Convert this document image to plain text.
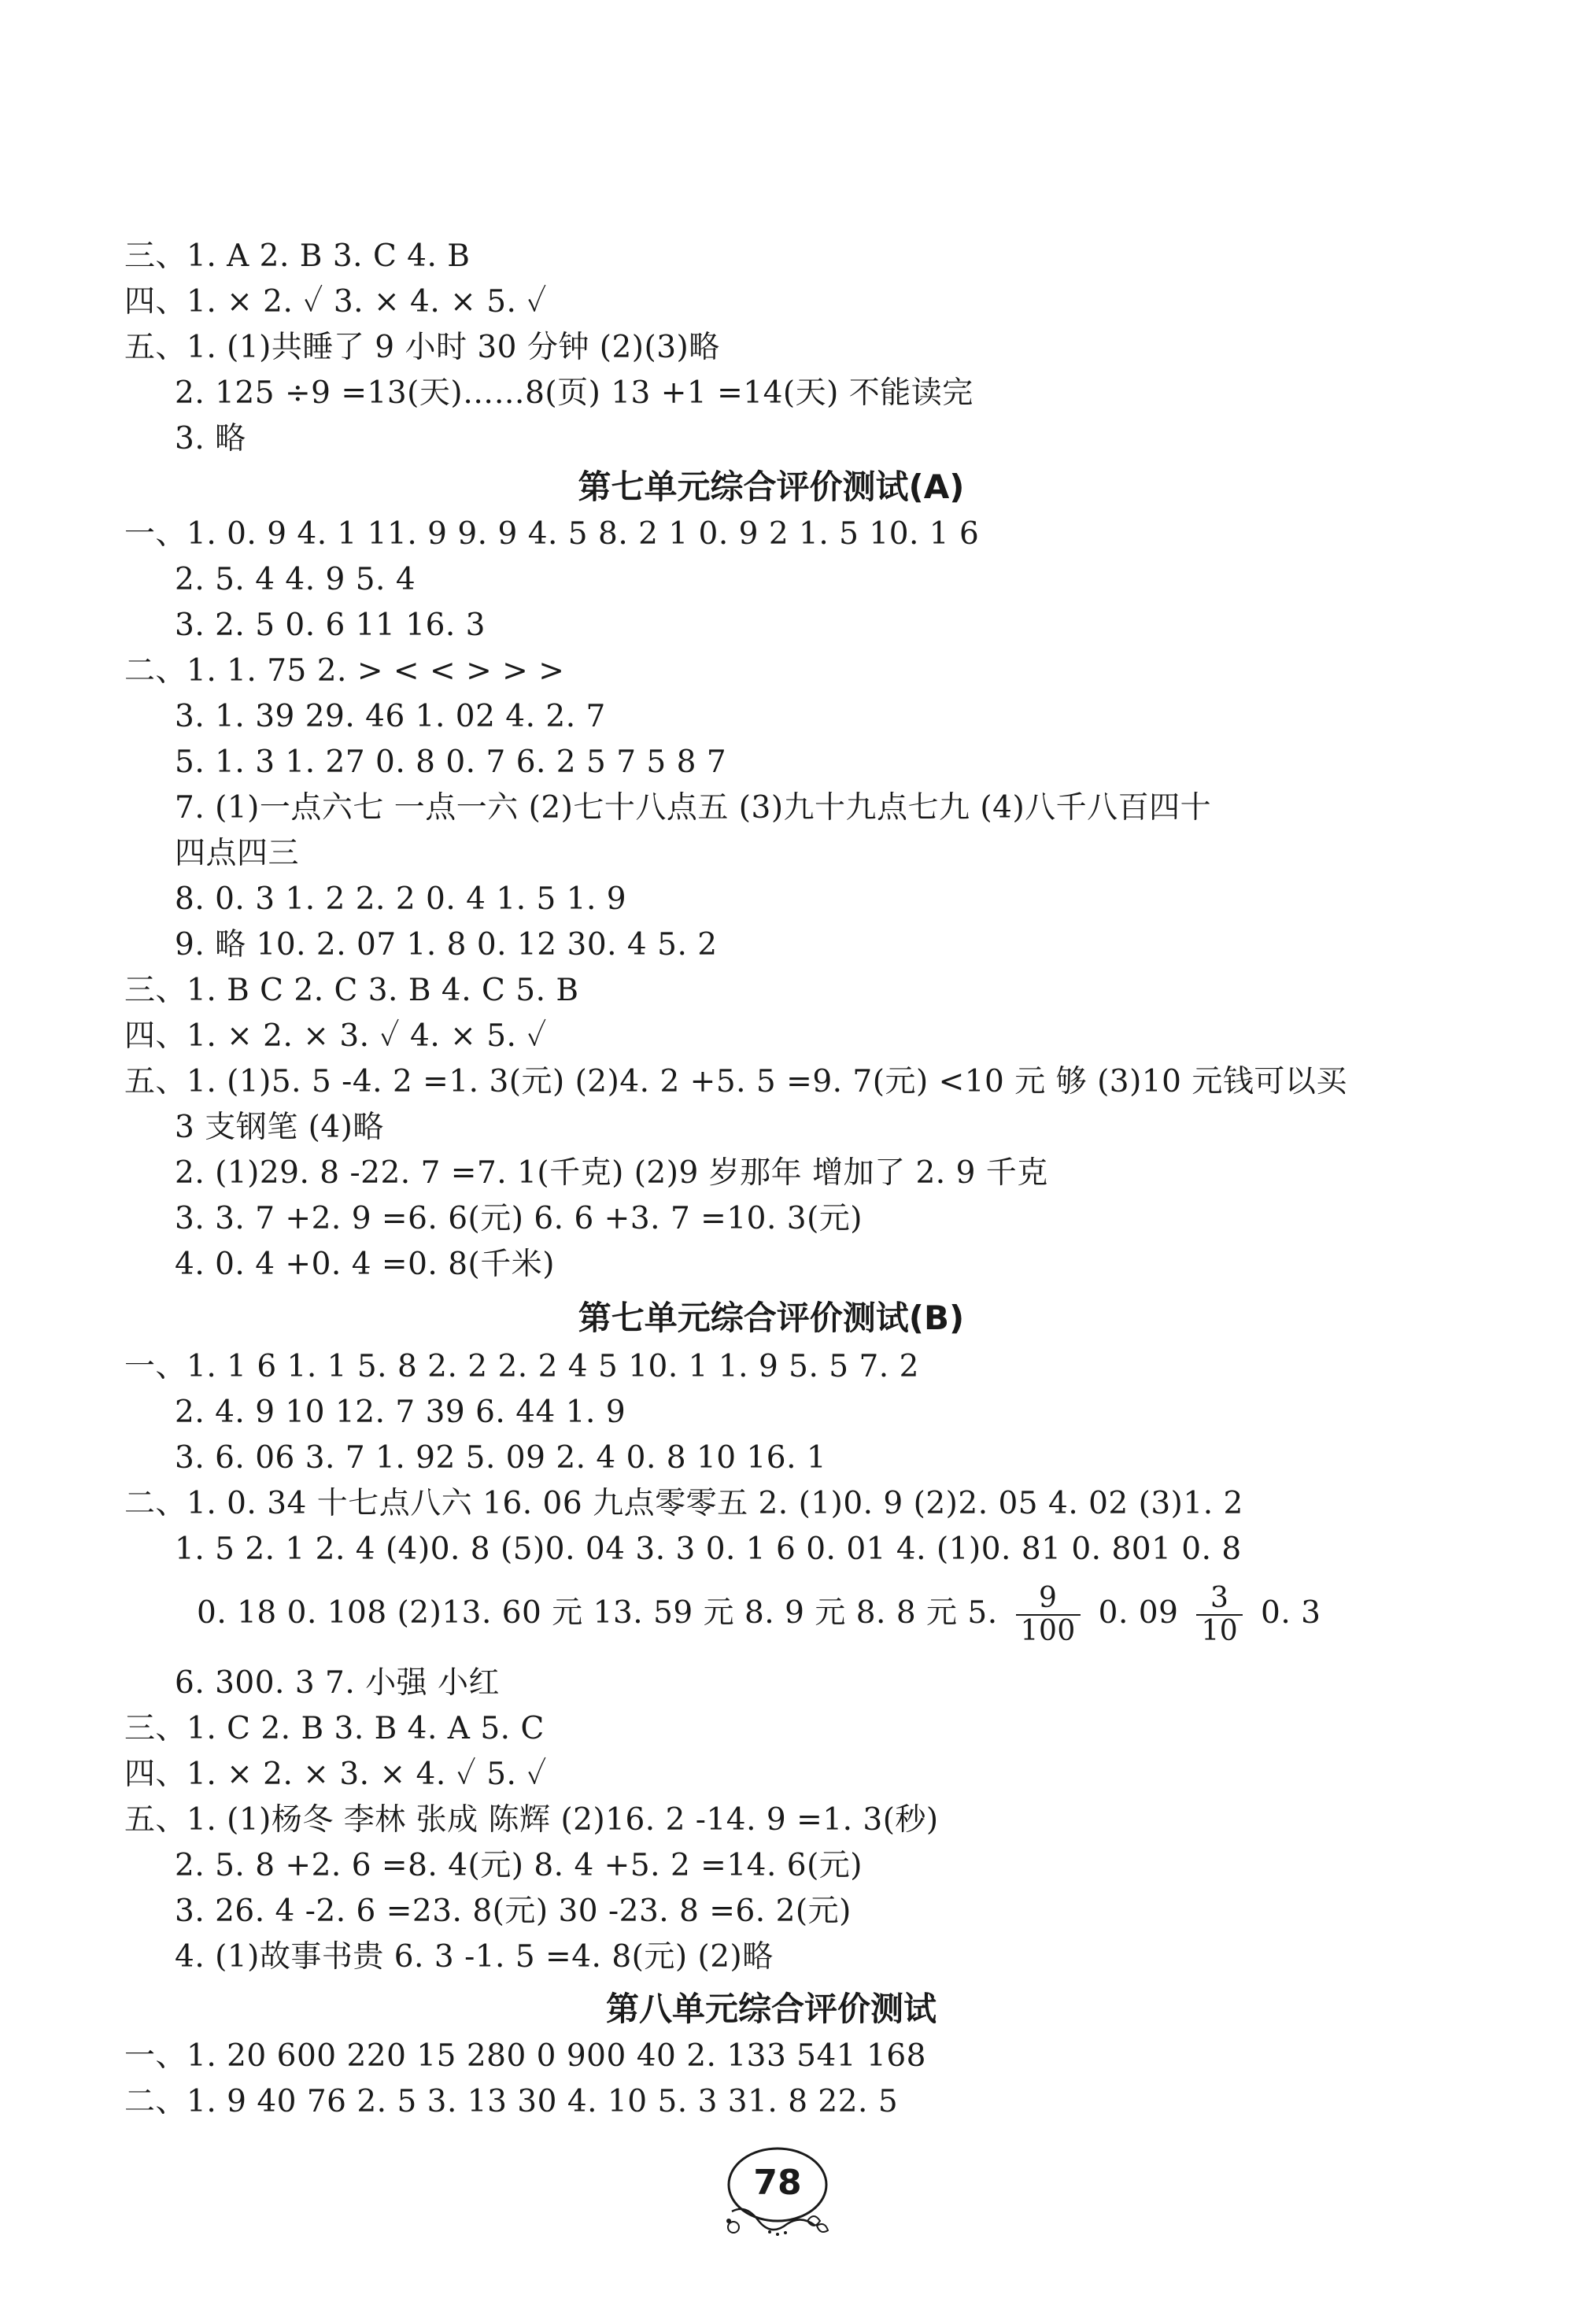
三、1. A 2. B 3. C 4. B
四、1. × 2. ✓ 3. × 4. × 5. ✓
五、1. (1)共睡了 9 小时 30 分钟 (2)(3)略
2. 125 ÷9 =13(天)……8(页) 13 +1 =14(天) 不能读完
3. 略
第七单元综合评价测试(A)
一、1. 0. 9 4. 1 11. 9 9. 9 4. 5 8. 2 1 0. 9 2 1. 5 10. 1 6
2. 5. 4 4. 9 5. 4
3. 2. 5 0. 6 11 16. 3
二、1. 1. 75 2. > < < > > >
3. 1. 39 29. 46 1. 02 4. 2. 7
5. 1. 3 1. 27 0. 8 0. 7 6. 2 5 7 5 8 7
7. (1)一点六七 一点一六 (2)七十八点五 (3)九十九点七九 (4)八千八百四十
四点四三
8. 0. 3 1. 2 2. 2 0. 4 1. 5 1. 9
9. 略 10. 2. 07 1. 8 0. 12 30. 4 5. 2
三、1. B C 2. C 3. B 4. C 5. B
四、1. × 2. × 3. ✓ 4. × 5. ✓
五、1. (1)5. 5 -4. 2 =1. 3(元) (2)4. 2 +5. 5 =9. 7(元) <10 元 够 (3)10 元钱可以买
3 支钢笔 (4)略
2. (1)29. 8 -22. 7 =7. 1(千克) (2)9 岁那年 增加了 2. 9 千克
3. 3. 7 +2. 9 =6. 6(元) 6. 6 +3. 7 =10. 3(元)
4. 0. 4 +0. 4 =0. 8(千米)
第七单元综合评价测试(B)
一、1. 1 6 1. 1 5. 8 2. 2 2. 2 4 5 10. 1 1. 9 5. 5 7. 2
2. 4. 9 10 12. 7 39 6. 44 1. 9
3. 6. 06 3. 7 1. 92 5. 09 2. 4 0. 8 10 16. 1
二、1. 0. 34 十七点八六 16. 06 九点零零五 2. (1)0. 9 (2)2. 05 4. 02 (3)1. 2
1. 5 2. 1 2. 4 (4)0. 8 (5)0. 04 3. 3 0. 1 6 0. 01 4. (1)0. 81 0. 801 0. 8
0. 18 0. 108 (2)13. 60 元 13. 59 元 8. 9 元 8. 8 元 5. $\frac{9}{100} 0$. $09 \frac{3}{10} 0$. 3
6. 300. 3 7. 小强 小红
三、1. C 2. B 3. B 4. A 5. C
四、1. × 2. × 3. × 4. ✓ 5. ✓
五、1. (1)杨冬 李林 张成 陈辉 (2)16. 2 -14. 9 =1. 3(秒)
2. 5. 8 +2. 6 =8. 4(元) 8. 4 +5. 2 =14. 6(元)
3. 26. 4 -2. 6 =23. 8(元) 30 -23. 8 =6. 2(元)
4. (1)故事书贵 6. 3 -1. 5 =4. 8(元) (2)略
第八单元综合评价测试
一、1. 20 600 220 15 280 0 900 40 2. 133 541 168
二、1. 9 40 76 2. 5 3. 13 30 4. 10 5. 3 31. 8 22. 5
78
